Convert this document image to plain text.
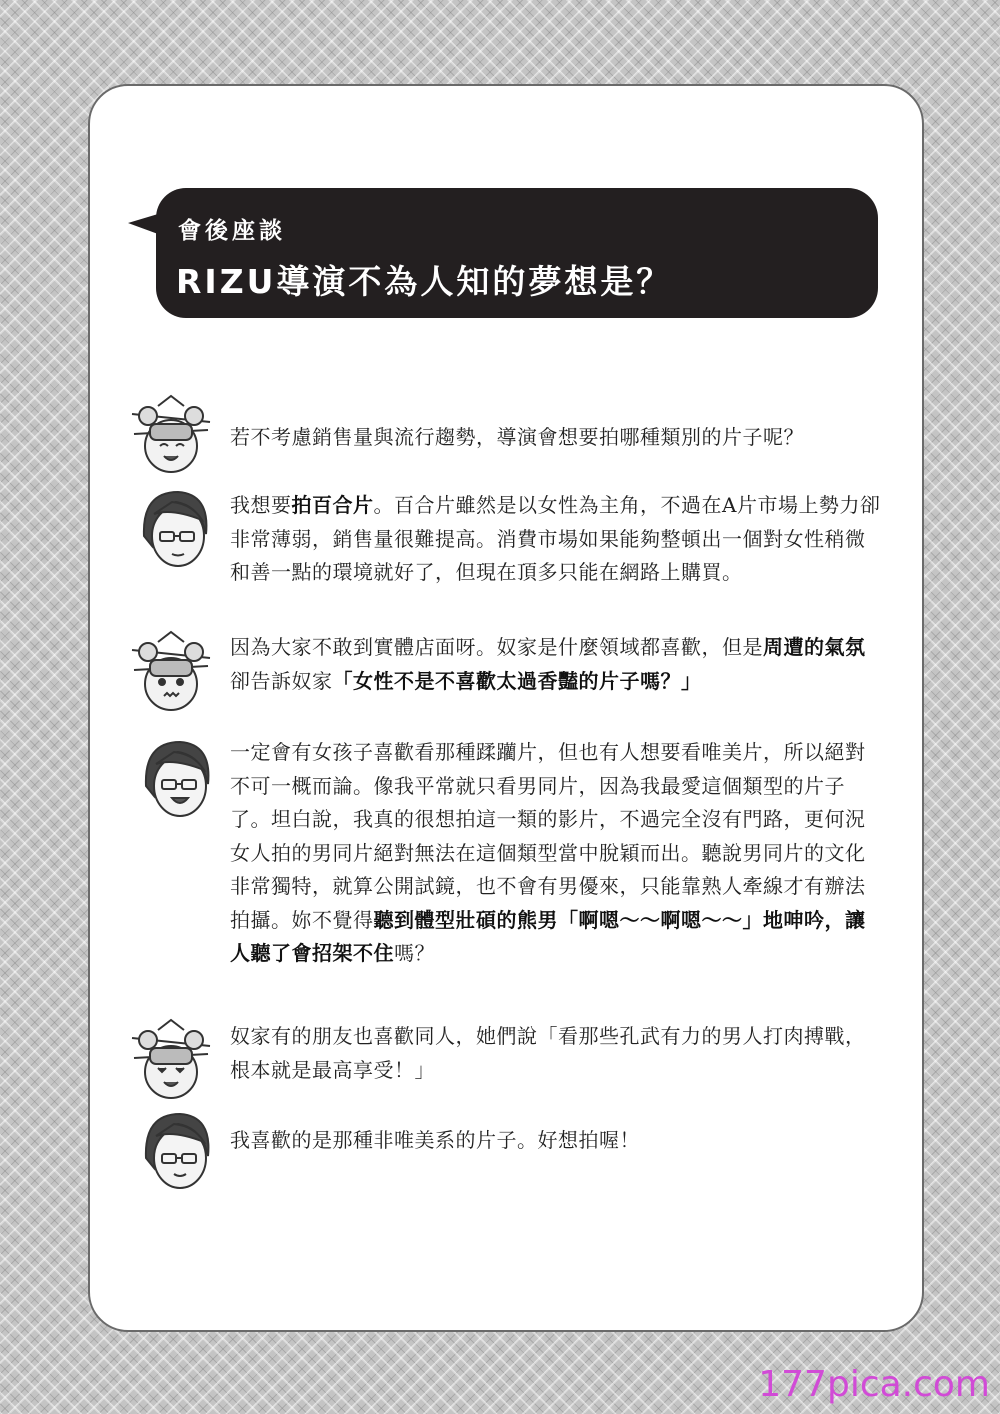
會後座談
RIZU導演不為人知的夢想是？
若不考慮銷售量與流行趨勢，導演會想要拍哪種類別的片子呢？
我想要拍百合片。百合片雖然是以女性為主角，不過在A片市場上勢力卻非常薄弱，銷售量很難提高。消費市場如果能夠整頓出一個對女性稍微和善一點的環境就好了，但現在頂多只能在網路上購買。
因為大家不敢到實體店面呀。奴家是什麼領域都喜歡，但是周遭的氣氛卻告訴奴家「女性不是不喜歡太過香豔的片子嗎？」
一定會有女孩子喜歡看那種蹂躪片，但也有人想要看唯美片，所以絕對不可一概而論。像我平常就只看男同片，因為我最愛這個類型的片子了。坦白說，我真的很想拍這一類的影片，不過完全沒有門路，更何況女人拍的男同片絕對無法在這個類型當中脫穎而出。聽說男同片的文化非常獨特，就算公開試鏡，也不會有男優來，只能靠熟人牽線才有辦法拍攝。妳不覺得聽到體型壯碩的熊男「啊嗯〜〜啊嗯〜〜」地呻吟，讓人聽了會招架不住嗎？
奴家有的朋友也喜歡同人，她們說「看那些孔武有力的男人打肉搏戰，根本就是最高享受！」
我喜歡的是那種非唯美系的片子。好想拍喔！
177pica.com
